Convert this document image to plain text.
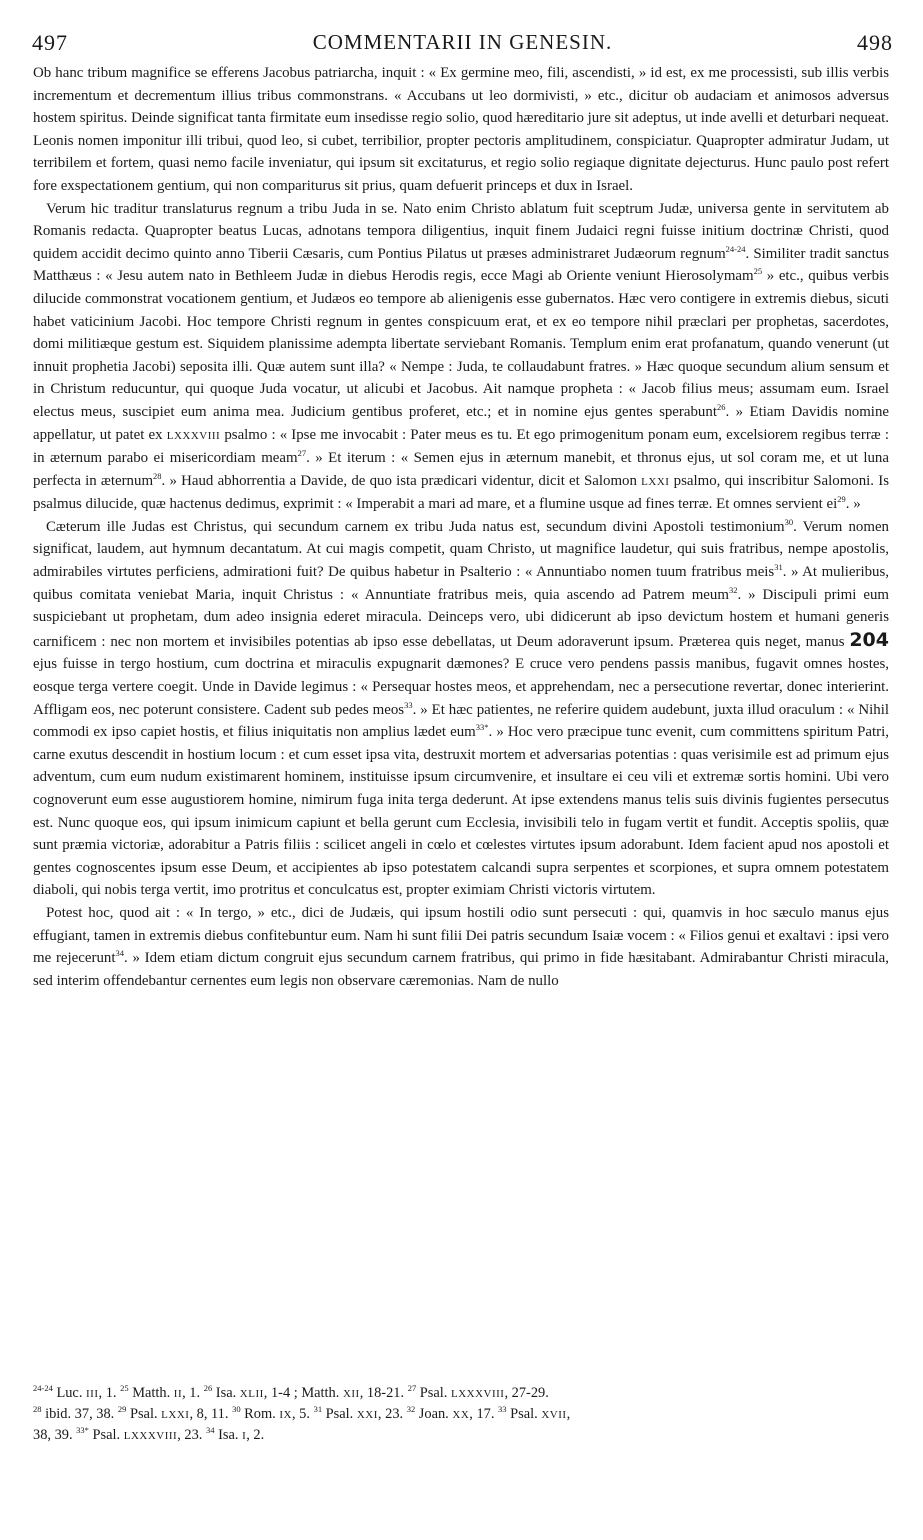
497	COMMENTARII IN GENESIN.	498

Ob hanc tribum magnifice se efferens Jacobus patriarcha, inquit : « Ex germine meo, fili, ascendisti, » id est, ex me processisti, sub illis verbis incrementum et decrementum illius tribus commonstrans. « Accubans ut leo dormivisti, » etc., dicitur ob audaciam et animosos adversus hostem spiritus. Deinde significat tanta firmitate eum insedisse regio solio, quod hæreditario jure sit adeptus, ut inde avelli et deturbari nequeat. Leonis nomen imponitur illi tribui, quod leo, si cubet, terribilior, propter pectoris amplitudinem, conspiciatur. Quapropter admiratur Judam, ut terribilem et fortem, quasi nemo facile inveniatur, qui ipsum sit excitaturus, et regio solio regiaque dignitate dejecturus. Hunc paulo post refert fore exspectationem gentium, qui non compariturus sit prius, quam defuerit princeps et dux in Israel.

Verum hic traditur translaturus regnum a tribu Juda in se. Nato enim Christo ablatum fuit sceptrum Judæ, universa gente in servitutem ab Romanis redacta. Quapropter beatus Lucas, adnotans tempora diligentius, inquit finem Judaici regni fuisse initium doctrinæ Christi, quod quidem accidit decimo quinto anno Tiberii Cæsaris, cum Pontius Pilatus ut præses administraret Judæorum regnum$^{24-24}$. Similiter tradit sanctus Matthæus : « Jesu autem nato in Bethleem Judæ in diebus Herodis regis, ecce Magi ab Oriente veniunt Hierosolymam$^{25}$ » etc., quibus verbis dilucide commonstrat vocationem gentium, et Judæos eo tempore ab alienigenis esse gubernatos. Hæc vero contigere in extremis diebus, sicuti habet vaticinium Jacobi. Hoc tempore Christi regnum in gentes conspicuum erat, et ex eo tempore nihil præclari per prophetas, sacerdotes, domi militiæque gestum est. Siquidem planissime adempta libertate serviebant Romanis. Templum enim erat profanatum, quando venerunt (ut innuit prophetia Jacobi) seposita illi. Quæ autem sunt illa? « Nempe : Juda, te collaudabunt fratres. » Hæc quoque secundum alium sensum et in Christum reducuntur, qui quoque Juda vocatur, ut alicubi et Jacobus. Ait namque propheta : « Jacob filius meus; assumam eum. Israel electus meus, suscipiet eum anima mea. Judicium gentibus proferet, etc.; et in nomine ejus gentes sperabunt$^{26}$. » Etiam Davidis nomine appellatur, ut patet ex LXXXVIII psalmo : « Ipse me invocabit : Pater meus es tu. Et ego primogenitum ponam eum, excelsiorem regibus terræ : in æternum parabo ei misericordiam meam$^{27}$. » Et iterum : « Semen ejus in æternum manebit, et thronus ejus, ut sol coram me, et ut luna perfecta in æternum$^{28}$. » Haud abhorrentia a Davide, de quo ista prædicari videntur, dicit et Salomon LXXI psalmo, qui inscribitur Salomoni. Is psalmus dilucide, quæ hactenus dedimus, exprimit : « Imperabit a mari ad mare, et a flumine usque ad fines terræ. Et omnes servient $ei^{29}$. »

Cæterum ille Judas est Christus, qui secundum carnem ex tribu Juda natus est, secundum divini Apostoli testimonium$^{30}$. Verum nomen significat, laudem, aut hymnum decantatum. At cui magis competit, quam Christo, ut magnifice laudetur, qui suis fratribus, nempe apostolis, admirabiles virtutes perficiens, admirationi fuit? De quibus habetur in Psalterio : « Annuntiabo nomen tuum fratribus meis$^{31}$. » At mulieribus, quibus comitata veniebat Maria, inquit Christus : « Annuntiate fratribus meis, quia ascendo ad Patrem meum$^{32}$. » Discipuli primi eum suspiciebant ut prophetam, dum adeo insignia ederet miracula. Deinceps vero, ubi didicerunt ab ipso devictum hostem et humani generis carnificem : nec non mortem et invisibiles potentias ab ipso esse debellatas, ut Deum adoraverunt ipsum. Præterea quis neget, manus 204 ejus fuisse in tergo hostium, cum doctrina et miraculis expugnarit dæmones? E cruce vero pendens passis manibus, fugavit omnes hostes, eosque terga vertere coegit. Unde in Davide legimus : « Persequar hostes meos, et apprehendam, nec a persecutione revertar, donec interierint. Affligam eos, nec poterunt consistere. Cadent sub pedes meos$^{33}$. » Et hæc patientes, ne referire quidem audebunt, juxta illud oraculum : « Nihil commodi ex ipso capiet hostis, et filius iniquitatis non amplius lædet eum$^{33*}$. » Hoc vero præcipue tunc evenit, cum committens spiritum Patri, carne exutus descendit in hostium locum : et cum esset ipsa vita, destruxit mortem et adversarias potentias : quas verisimile est ad primum ejus adventum, cum eum nudum existimarent hominem, instituisse ipsum circumvenire, et insultare ei ceu vili et extremæ sortis homini. Ubi vero cognoverunt eum esse augustiorem homine, nimirum fuga inita terga dederunt. At ipse extendens manus telis suis divinis fugientes persecutus est. Nunc quoque eos, qui ipsum inimicum capiunt et bella gerunt cum Ecclesia, invisibili telo in fugam vertit et fundit. Acceptis spoliis, quæ sunt præmia victoriæ, adorabitur a Patris filiis : scilicet angeli in cœlo et cœlestes virtutes ipsum adorabunt. Idem facient apud nos apostoli et gentes cognoscentes ipsum esse Deum, et accipientes ab ipso potestatem calcandi supra serpentes et scorpiones, et supra omnem potestatem diaboli, qui nobis terga vertit, imo protritus et conculcatus est, propter eximiam Christi victoris virtutem.

Potest hoc, quod ait : « In tergo, » etc., dici de Judæis, qui ipsum hostili odio sunt persecuti : qui, quamvis in hoc sæculo manus ejus effugiant, tamen in extremis diebus confitebuntur eum. Nam hi sunt filii Dei patris secundum Isaiæ vocem : « Filios genui et exaltavi : ipsi vero me rejecerunt$^{34}$. » Idem etiam dictum congruit ejus secundum carnem fratribus, qui primo in fide hæsitabant. Admirabantur Christi miracula, sed interim offendebantur cernentes eum legis non observare cæremonias. Nam de nullo

$^{24-24}$ Luc. III, 1. $^{25}$ Matth. II, 1. $^{26}$ Isa. XLII, 1-4 ; Matth. XII, 18-21. $^{27}$ Psal. LXXXVIII, 27-29.

$^{28}$ ibid. 37, 38. $^{29}$ Psal. LXXI, 8, 11. $^{30}$ Rom. IX, 5. $^{31}$ Psal. XXI, 23. $^{32}$ Joan. XX, 17. $^{33}$ Psal. XVII,

38, 39. $^{33*}$ Psal. LXXXVIII, 23. $^{34}$ Isa. I, 2.
